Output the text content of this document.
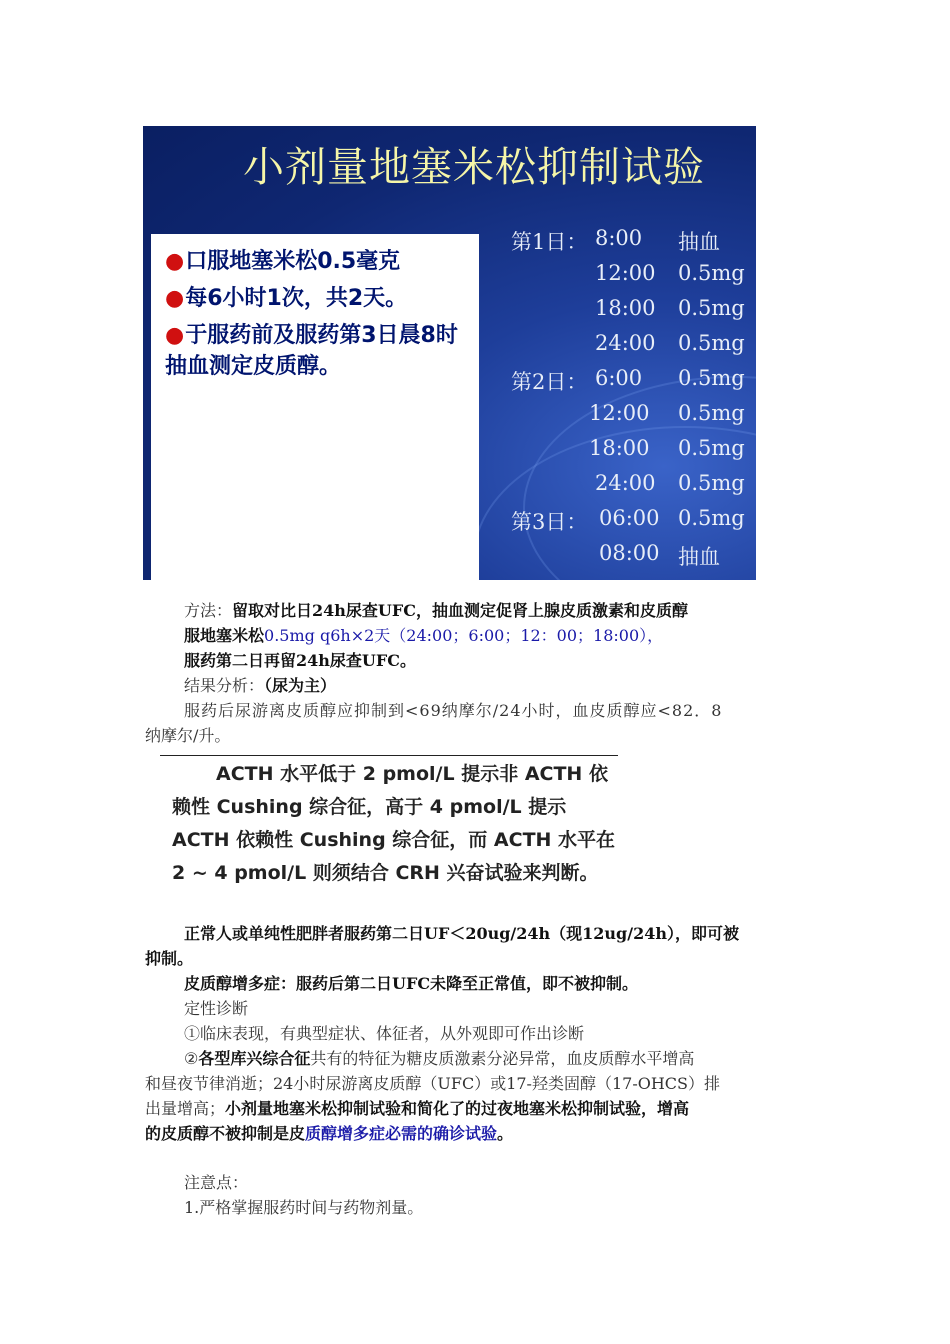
小剂量地塞米松抑制试验
●口服地塞米松0.5毫克
●每6小时1次，共2天。
●于服药前及服药第3日晨8时
抽血测定皮质醇。
第1日： 8:00 抽血
12:00 0.5mg
18:00 0.5mg
24:00 0.5mg
第2日： 6:00 0.5mg
12:00 0.5mg
18:00 0.5mg
24:00 0.5mg
第3日： 06:00 0.5mg
08:00 抽血
方法：留取对比日24h尿查UFC，抽血测定促肾上腺皮质激素和皮质醇
服地塞米松0.5mg q6h×2天（24:00；6:00；12：00；18:00），
服药第二日再留24h尿查UFC。
结果分析：（尿为主）
服药后尿游离皮质醇应抑制到<69纳摩尔/24小时，血皮质醇应<82．8
纳摩尔/升。
ACTH 水平低于 2 pmol/L 提示非 ACTH 依
赖性 Cushing 综合征，高于 4 pmol/L 提示
ACTH 依赖性 Cushing 综合征，而 ACTH 水平在
2 ~ 4 pmol/L 则须结合 CRH 兴奋试验来判断。
正常人或单纯性肥胖者服药第二日UF＜20ug/24h（现12ug/24h），即可被
抑制。
皮质醇增多症：服药后第二日UFC未降至正常值，即不被抑制。
定性诊断
①临床表现，有典型症状、体征者，从外观即可作出诊断
②各型库兴综合征共有的特征为糖皮质激素分泌异常，血皮质醇水平增高
和昼夜节律消逝；24小时尿游离皮质醇（UFC）或17-羟类固醇（17-OHCS）排
出量增高；小剂量地塞米松抑制试验和简化了的过夜地塞米松抑制试验，增高
的皮质醇不被抑制是皮质醇增多症必需的确诊试验。
注意点：
1.严格掌握服药时间与药物剂量。
